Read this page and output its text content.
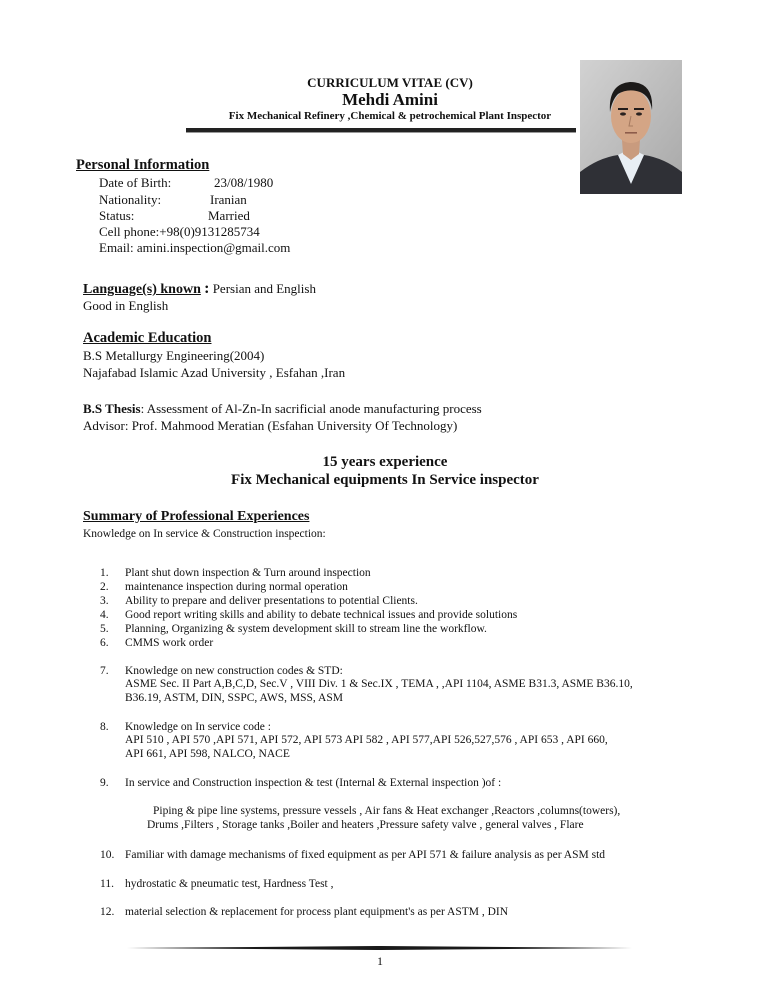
CURRICULUM VITAE (CV)
Mehdi Amini
Fix Mechanical Refinery ,Chemical & petrochemical Plant Inspector
Personal Information
Date of Birth:	23/08/1980
Nationality:	Iranian
Status:	Married
Cell phone:+98(0)9131285734
Email: amini.inspection@gmail.com
Language(s) known : Persian and English
Good in English
Academic Education
B.S Metallurgy Engineering(2004)
Najafabad Islamic Azad University , Esfahan ,Iran
B.S Thesis: Assessment of Al-Zn-In sacrificial anode manufacturing process
Advisor: Prof. Mahmood Meratian (Esfahan University Of Technology)
15 years experience
Fix Mechanical equipments In Service inspector
Summary of Professional Experiences
Knowledge on In service & Construction inspection:
1. Plant shut down inspection & Turn around inspection
2. maintenance inspection during normal operation
3. Ability to prepare and deliver presentations to potential Clients.
4. Good report writing skills and ability to debate technical issues and provide solutions
5. Planning, Organizing & system development skill to stream line the workflow.
6. CMMS work order
7. Knowledge on new construction codes & STD:
ASME Sec. II Part A,B,C,D, Sec.V , VIII Div. 1 & Sec.IX , TEMA , ,API 1104, ASME B31.3, ASME B36.10,
B36.19, ASTM, DIN, SSPC, AWS, MSS, ASM
8. Knowledge on In service code :
API 510 , API 570 ,API 571, API 572, API 573 API 582 , API 577,API 526,527,576 , API 653 , API 660,
API 661, API 598, NALCO, NACE
9. In service and Construction inspection & test (Internal & External inspection )of :
Piping & pipe line systems, pressure vessels , Air fans & Heat exchanger ,Reactors ,columns(towers),
Drums ,Filters , Storage tanks ,Boiler and heaters ,Pressure safety valve , general valves , Flare
10. Familiar with damage mechanisms of fixed equipment as per API 571 & failure analysis as per ASM std
11. hydrostatic & pneumatic test, Hardness Test ,
12. material selection & replacement for process plant equipment's as per ASTM , DIN
1
